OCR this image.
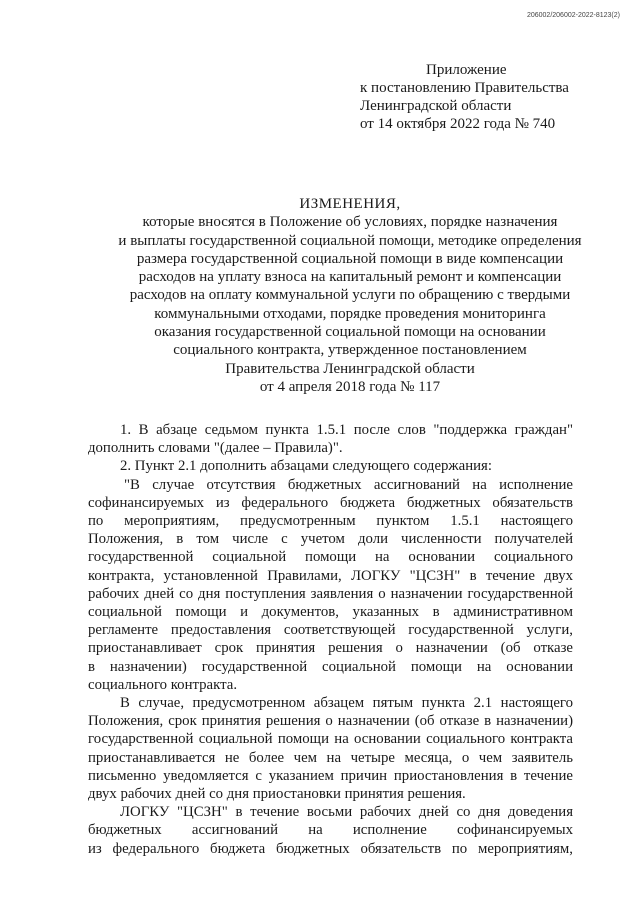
206002/206002-2022-8123(2)
Приложение
к постановлению Правительства
Ленинградской области
от 14 октября 2022 года № 740
ИЗМЕНЕНИЯ,
которые вносятся в Положение об условиях, порядке назначения
и выплаты государственной социальной помощи, методике определения
размера государственной социальной помощи в виде компенсации
расходов на уплату взноса на капитальный ремонт и компенсации
расходов на оплату коммунальной услуги по обращению с твердыми
коммунальными отходами, порядке проведения мониторинга
оказания государственной социальной помощи на основании
социального контракта, утвержденное постановлением
Правительства Ленинградской области
от 4 апреля 2018 года № 117
1. В абзаце седьмом пункта 1.5.1 после слов "поддержка граждан"
дополнить словами "(далее – Правила)".
2. Пункт 2.1 дополнить абзацами следующего содержания:
"В случае отсутствия бюджетных ассигнований на исполнение
софинансируемых из федерального бюджета бюджетных обязательств
по мероприятиям, предусмотренным пунктом 1.5.1 настоящего
Положения, в том числе с учетом доли численности получателей
государственной социальной помощи на основании социального
контракта, установленной Правилами, ЛОГКУ "ЦСЗН" в течение двух
рабочих дней со дня поступления заявления о назначении государственной
социальной помощи и документов, указанных в административном
регламенте предоставления соответствующей государственной услуги,
приостанавливает срок принятия решения о назначении (об отказе
в назначении) государственной социальной помощи на основании
социального контракта.
В случае, предусмотренном абзацем пятым пункта 2.1 настоящего
Положения, срок принятия решения о назначении (об отказе в назначении)
государственной социальной помощи на основании социального контракта
приостанавливается не более чем на четыре месяца, о чем заявитель
письменно уведомляется с указанием причин приостановления в течение
двух рабочих дней со дня приостановки принятия решения.
ЛОГКУ "ЦСЗН" в течение восьми рабочих дней со дня доведения
бюджетных ассигнований на исполнение софинансируемых
из федерального бюджета бюджетных обязательств по мероприятиям,
